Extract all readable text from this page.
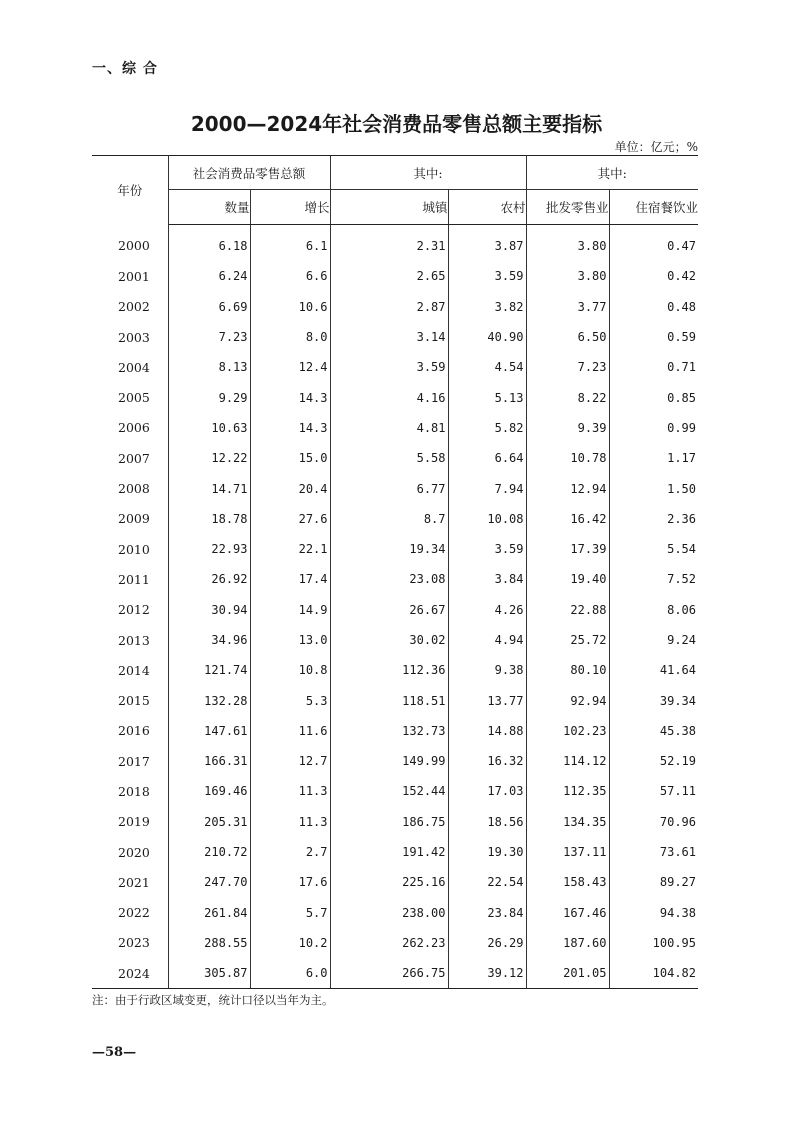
一、综 合
2000—2024年社会消费品零售总额主要指标
单位：亿元；%
年份	社会消费品零售总额		其中:		其中:	
	数量	增长	城镇	农村	批发零售业	住宿餐饮业
2000	6.18	6.1	2.31	3.87	3.80	0.47
2001	6.24	6.6	2.65	3.59	3.80	0.42
2002	6.69	10.6	2.87	3.82	3.77	0.48
2003	7.23	8.0	3.14	40.90	6.50	0.59
2004	8.13	12.4	3.59	4.54	7.23	0.71
2005	9.29	14.3	4.16	5.13	8.22	0.85
2006	10.63	14.3	4.81	5.82	9.39	0.99
2007	12.22	15.0	5.58	6.64	10.78	1.17
2008	14.71	20.4	6.77	7.94	12.94	1.50
2009	18.78	27.6	8.7	10.08	16.42	2.36
2010	22.93	22.1	19.34	3.59	17.39	5.54
2011	26.92	17.4	23.08	3.84	19.40	7.52
2012	30.94	14.9	26.67	4.26	22.88	8.06
2013	34.96	13.0	30.02	4.94	25.72	9.24
2014	121.74	10.8	112.36	9.38	80.10	41.64
2015	132.28	5.3	118.51	13.77	92.94	39.34
2016	147.61	11.6	132.73	14.88	102.23	45.38
2017	166.31	12.7	149.99	16.32	114.12	52.19
2018	169.46	11.3	152.44	17.03	112.35	57.11
2019	205.31	11.3	186.75	18.56	134.35	70.96
2020	210.72	2.7	191.42	19.30	137.11	73.61
2021	247.70	17.6	225.16	22.54	158.43	89.27
2022	261.84	5.7	238.00	23.84	167.46	94.38
2023	288.55	10.2	262.23	26.29	187.60	100.95
2024	305.87	6.0	266.75	39.12	201.05	104.82
注：由于行政区域变更，统计口径以当年为主。
—58—
